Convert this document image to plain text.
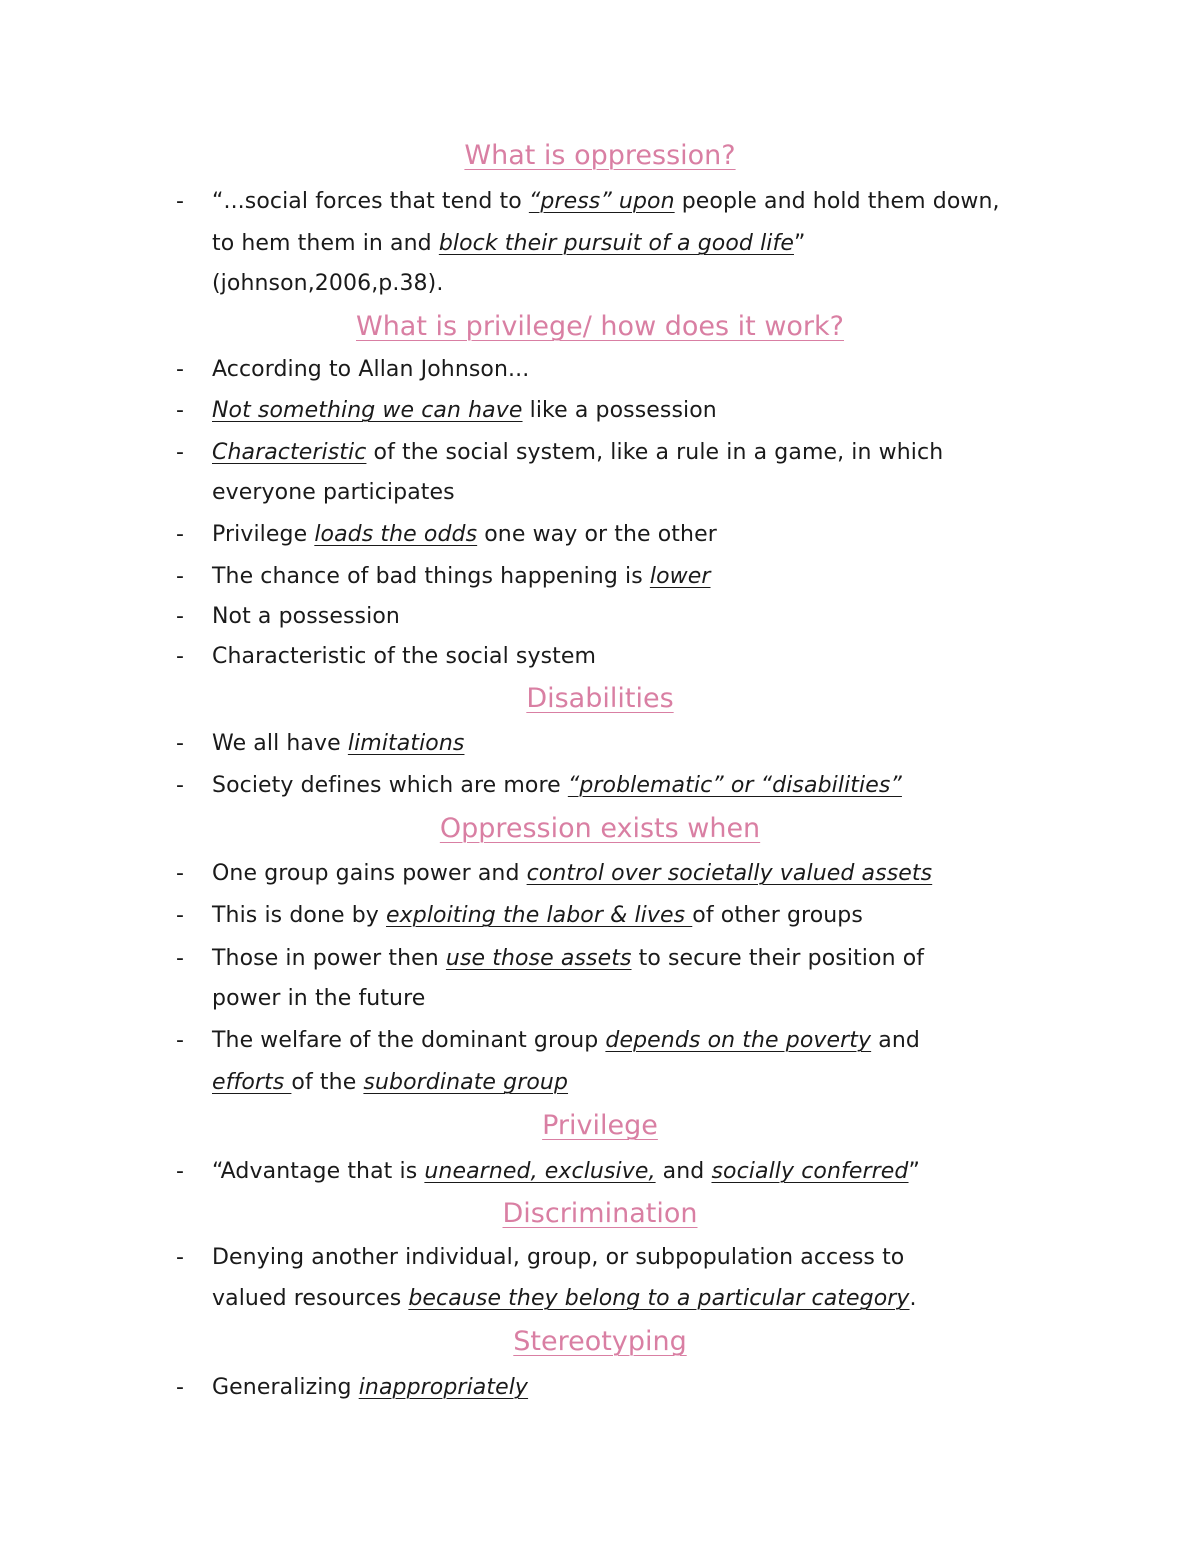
What is oppression?
- “...social forces that tend to “press” upon people and hold them down,
to hem them in and block their pursuit of a good life”
(johnson,2006,p.38).
What is privilege/ how does it work?
- According to Allan Johnson...
- Not something we can have like a possession
- Characteristic of the social system, like a rule in a game, in which
everyone participates
- Privilege loads the odds one way or the other
- The chance of bad things happening is lower
- Not a possession
- Characteristic of the social system
Disabilities
- We all have limitations
- Society defines which are more “problematic” or “disabilities”
Oppression exists when
- One group gains power and control over societally valued assets
- This is done by exploiting the labor & lives of other groups
- Those in power then use those assets to secure their position of
power in the future
- The welfare of the dominant group depends on the poverty and
efforts of the subordinate group
Privilege
- “Advantage that is unearned, exclusive, and socially conferred”
Discrimination
- Denying another individual, group, or subpopulation access to
valued resources because they belong to a particular category.
Stereotyping
- Generalizing inappropriately
